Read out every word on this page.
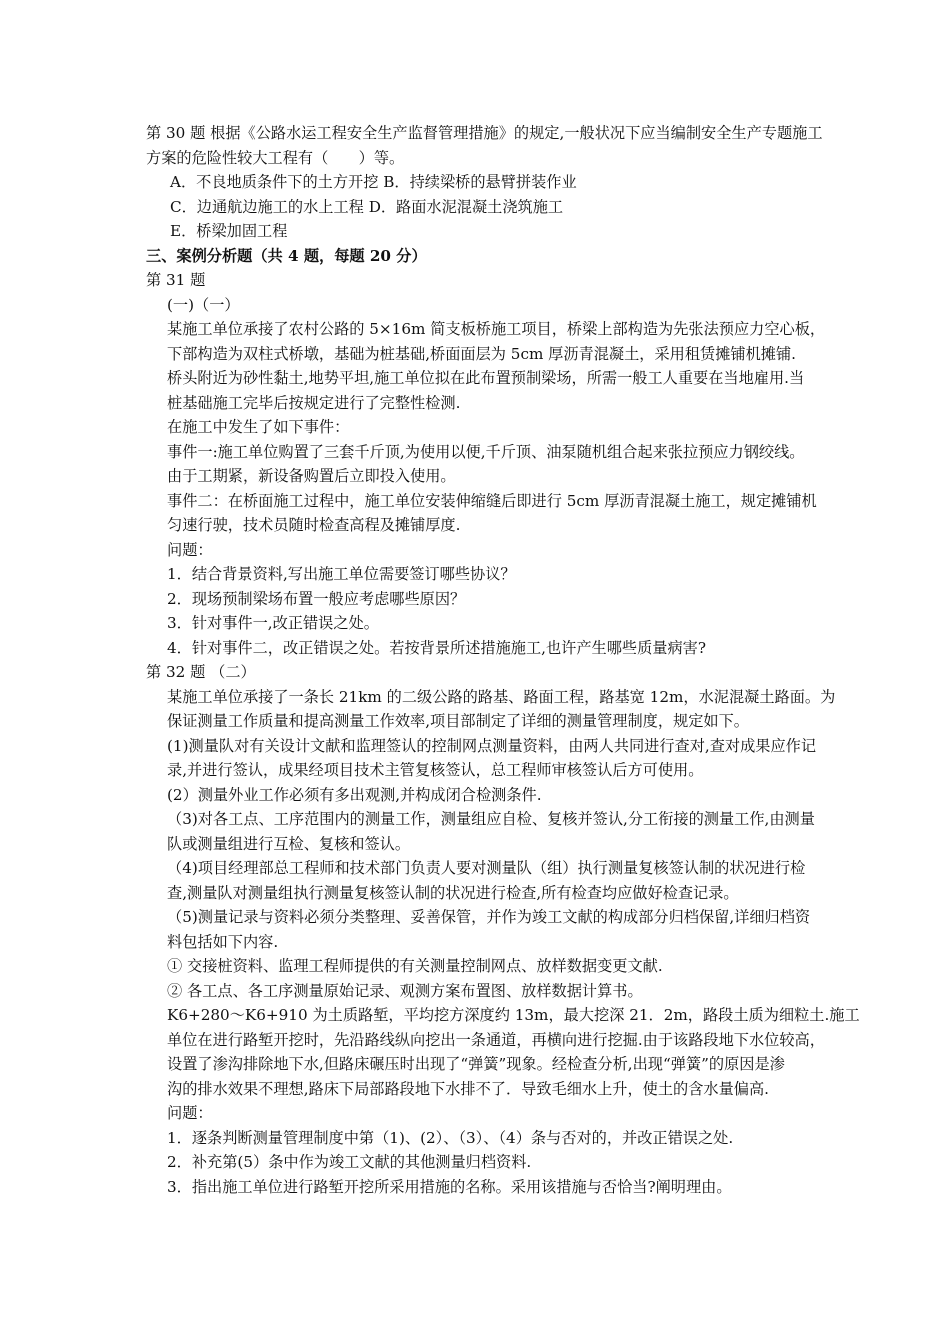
第 30 题 根据《公路水运工程安全生产监督管理措施》的规定,一般状况下应当编制安全生产专题施工
方案的危险性较大工程有（　　）等。
A．不良地质条件下的土方开挖 B．持续梁桥的悬臂拼装作业
C．边通航边施工的水上工程 D．路面水泥混凝土浇筑施工
E．桥梁加固工程
三、案例分析题（共 4 题，每题 20 分）
第 31 题
(一)（一）
某施工单位承接了农村公路的 5×16m 简支板桥施工项目，桥梁上部构造为先张法预应力空心板，
下部构造为双柱式桥墩，基础为桩基础,桥面面层为 5cm 厚沥青混凝土，采用租赁摊铺机摊铺.
桥头附近为砂性黏土,地势平坦,施工单位拟在此布置预制梁场，所需一般工人重要在当地雇用.当
桩基础施工完毕后按规定进行了完整性检测.
在施工中发生了如下事件：
事件一:施工单位购置了三套千斤顶,为使用以便,千斤顶、油泵随机组合起来张拉预应力钢绞线。
由于工期紧，新设备购置后立即投入使用。
事件二：在桥面施工过程中，施工单位安装伸缩缝后即进行 5cm 厚沥青混凝土施工，规定摊铺机
匀速行驶，技术员随时检查高程及摊铺厚度.
问题：
1．结合背景资料,写出施工单位需要签订哪些协议？
2．现场预制梁场布置一般应考虑哪些原因？
3．针对事件一,改正错误之处。
4．针对事件二，改正错误之处。若按背景所述措施施工,也许产生哪些质量病害?
第 32 题 （二）
某施工单位承接了一条长 21km 的二级公路的路基、路面工程，路基宽 12m，水泥混凝土路面。为
保证测量工作质量和提高测量工作效率,项目部制定了详细的测量管理制度，规定如下。
(1)测量队对有关设计文献和监理签认的控制网点测量资料，由两人共同进行查对,查对成果应作记
录,并进行签认，成果经项目技术主管复核签认，总工程师审核签认后方可使用。
(2）测量外业工作必须有多出观测,并构成闭合检测条件.
（3)对各工点、工序范围内的测量工作，测量组应自检、复核并签认,分工衔接的测量工作,由测量
队或测量组进行互检、复核和签认。
（4)项目经理部总工程师和技术部门负责人要对测量队（组）执行测量复核签认制的状况进行检
查,测量队对测量组执行测量复核签认制的状况进行检查,所有检查均应做好检查记录。
（5)测量记录与资料必须分类整理、妥善保管，并作为竣工文献的构成部分归档保留,详细归档资
料包括如下内容.
① 交接桩资料、监理工程师提供的有关测量控制网点、放样数据变更文献.
② 各工点、各工序测量原始记录、观测方案布置图、放样数据计算书。
K6+280～K6+910 为土质路堑，平均挖方深度约 13m，最大挖深 21．2m，路段土质为细粒土.施工
单位在进行路堑开挖时，先沿路线纵向挖出一条通道，再横向进行挖掘.由于该路段地下水位较高，
设置了渗沟排除地下水,但路床碾压时出现了“弹簧”现象。经检查分析,出现“弹簧”的原因是渗
沟的排水效果不理想,路床下局部路段地下水排不了．导致毛细水上升，使土的含水量偏高.
问题：
1．逐条判断测量管理制度中第（1)、(2）、（3）、（4）条与否对的，并改正错误之处.
2．补充第(5）条中作为竣工文献的其他测量归档资料.
3．指出施工单位进行路堑开挖所采用措施的名称。采用该措施与否恰当?阐明理由。
